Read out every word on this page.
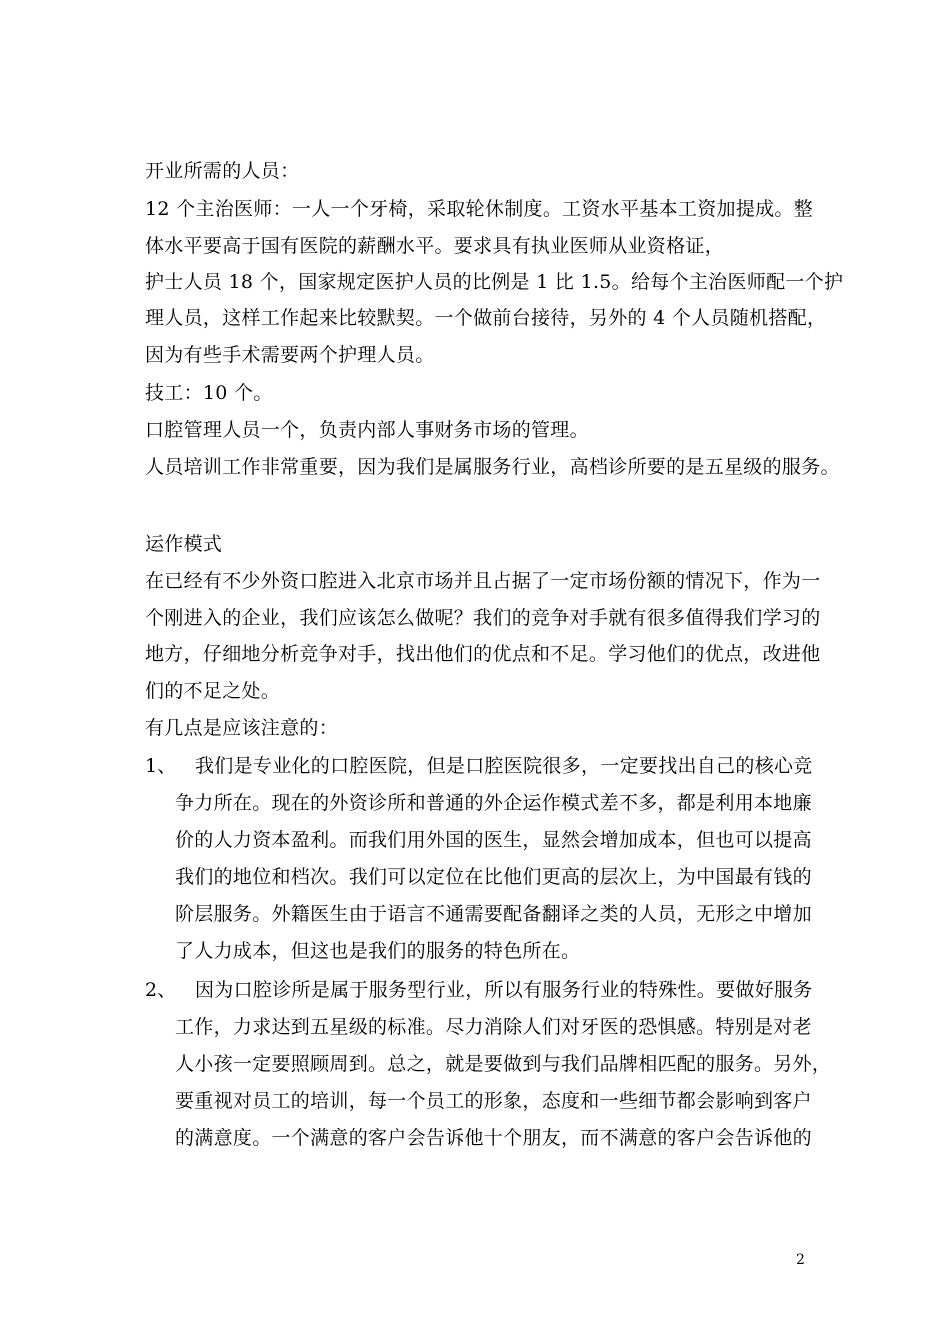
开业所需的人员：
12 个主治医师：一人一个牙椅，采取轮休制度。工资水平基本工资加提成。整
体水平要高于国有医院的薪酬水平。要求具有执业医师从业资格证，
护士人员 18 个，国家规定医护人员的比例是 1 比 1.5。给每个主治医师配一个护
理人员，这样工作起来比较默契。一个做前台接待，另外的 4 个人员随机搭配，
因为有些手术需要两个护理人员。
技工：10 个。
口腔管理人员一个，负责内部人事财务市场的管理。
人员培训工作非常重要，因为我们是属服务行业，高档诊所要的是五星级的服务。
运作模式
在已经有不少外资口腔进入北京市场并且占据了一定市场份额的情况下，作为一
个刚进入的企业，我们应该怎么做呢？我们的竞争对手就有很多值得我们学习的
地方，仔细地分析竞争对手，找出他们的优点和不足。学习他们的优点，改进他
们的不足之处。
有几点是应该注意的：
1、 我们是专业化的口腔医院，但是口腔医院很多，一定要找出自己的核心竞
争力所在。现在的外资诊所和普通的外企运作模式差不多，都是利用本地廉
价的人力资本盈利。而我们用外国的医生，显然会增加成本，但也可以提高
我们的地位和档次。我们可以定位在比他们更高的层次上，为中国最有钱的
阶层服务。外籍医生由于语言不通需要配备翻译之类的人员，无形之中增加
了人力成本，但这也是我们的服务的特色所在。
2、 因为口腔诊所是属于服务型行业，所以有服务行业的特殊性。要做好服务
工作，力求达到五星级的标准。尽力消除人们对牙医的恐惧感。特别是对老
人小孩一定要照顾周到。总之，就是要做到与我们品牌相匹配的服务。另外，
要重视对员工的培训，每一个员工的形象，态度和一些细节都会影响到客户
的满意度。一个满意的客户会告诉他十个朋友，而不满意的客户会告诉他的
2
